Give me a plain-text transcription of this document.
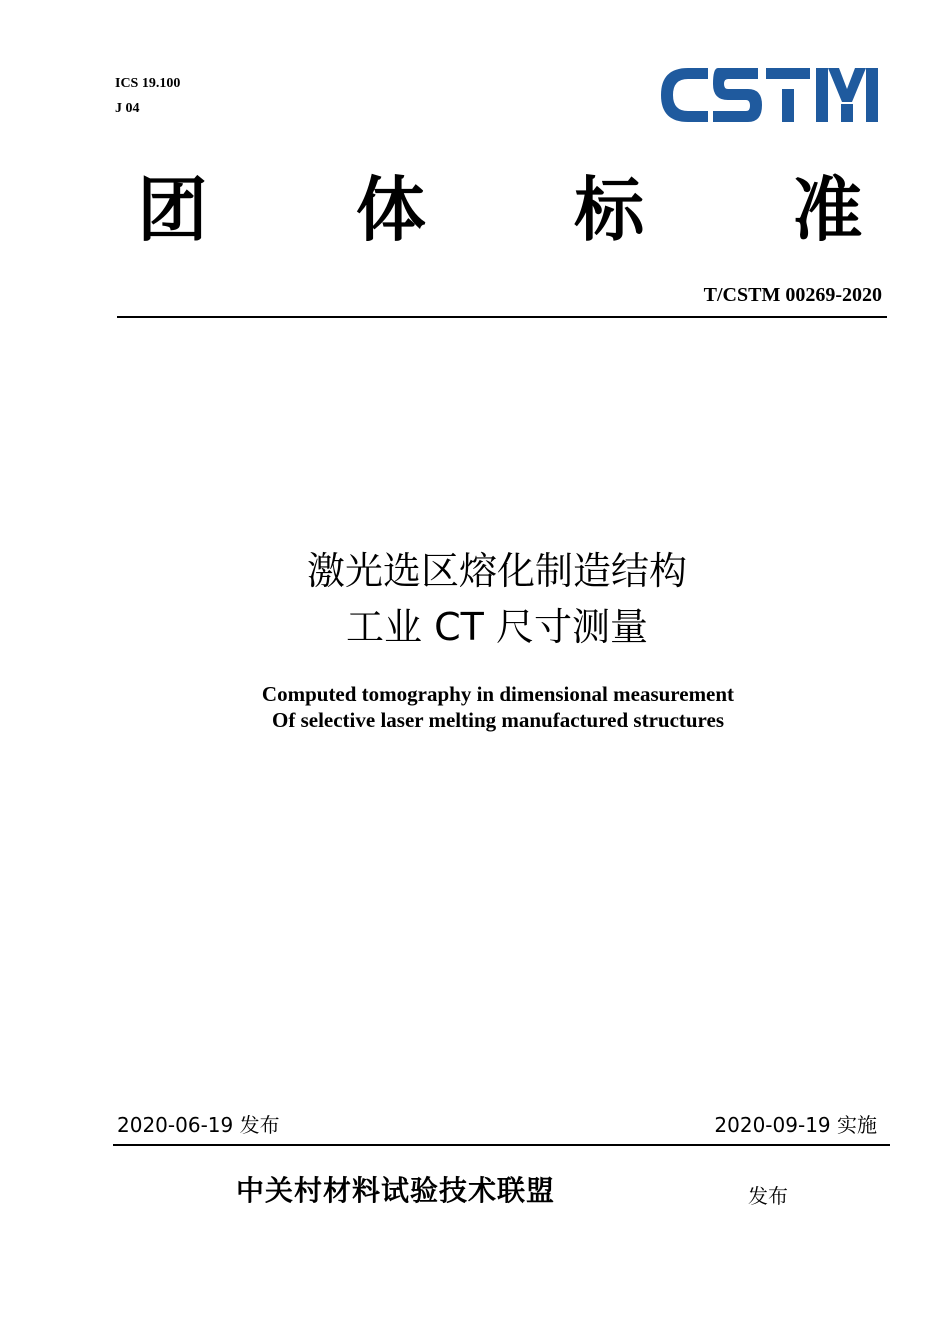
ICS 19.100
J 04
团 体 标 准
T/CSTM 00269-2020
激光选区熔化制造结构
工业 CT 尺寸测量
Computed tomography in dimensional measurement
Of selective laser melting manufactured structures
2020-06-19 发布	2020-09-19 实施
中关村材料试验技术联盟	发布
